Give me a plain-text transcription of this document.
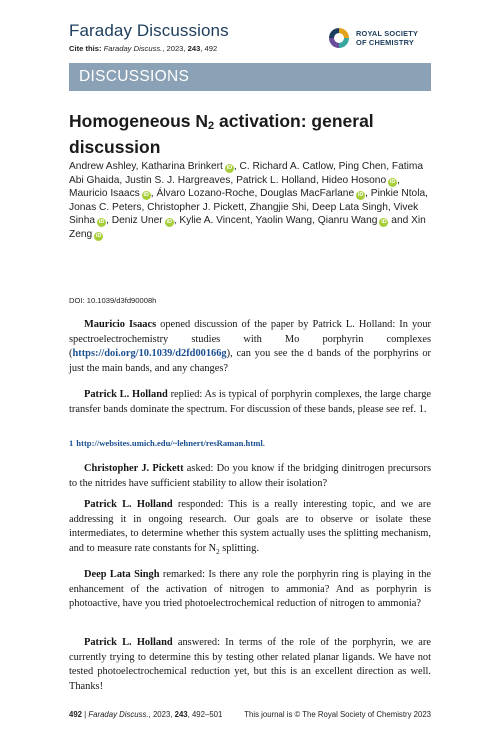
Faraday Discussions
Cite this: Faraday Discuss., 2023, 243, 492
ROYAL SOCIETY
OF CHEMISTRY
DISCUSSIONS
Homogeneous $N_2$ activation: general discussion
Andrew Ashley, Katharina Brinkert iD , C. Richard A. Catlow, Ping Chen, Fatima Abi Ghaida, Justin S. J. Hargreaves, Patrick L. Holland, Hideo Hosono iD , Mauricio Isaacs iD , Álvaro Lozano-Roche, Douglas MacFarlane iD , Pinkie Ntola, Jonas C. Peters, Christopher J. Pickett, Zhangjie Shi, Deep Lata Singh, Vivek Sinha iD , Deniz Uner iD , Kylie A. Vincent, Yaolin Wang, Qianru Wang iD and Xin Zeng iD
DOI: 10.1039/d3fd90008h
Mauricio Isaacs opened discussion of the paper by Patrick L. Holland: In your spectroelectrochemistry studies with Mo porphyrin complexes (https://doi.org/10.1039/d2fd00166g), can you see the d bands of the porphyrins or just the main bands, and any changes?
Patrick L. Holland replied: As is typical of porphyrin complexes, the large charge transfer bands dominate the spectrum. For discussion of these bands, please see ref. 1.
1 http://websites.umich.edu/~lehnert/resRaman.html.
Christopher J. Pickett asked: Do you know if the bridging dinitrogen precursors to the nitrides have sufficient stability to allow their isolation?
Patrick L. Holland responded: This is a really interesting topic, and we are addressing it in ongoing research. Our goals are to observe or isolate these intermediates, to determine whether this system actually uses the splitting mechanism, and to measure rate constants for $N_2$ splitting.
Deep Lata Singh remarked: Is there any role the porphyrin ring is playing in the enhancement of the activation of nitrogen to ammonia? And as porphyrin is photoactive, have you tried photoelectrochemical reduction of nitrogen to ammonia?
Patrick L. Holland answered: In terms of the role of the porphyrin, we are currently trying to determine this by testing other related planar ligands. We have not tested photoelectrochemical reduction yet, but this is an excellent direction as well. Thanks!
492 | Faraday Discuss., 2023, 243, 492–501	This journal is © The Royal Society of Chemistry 2023
